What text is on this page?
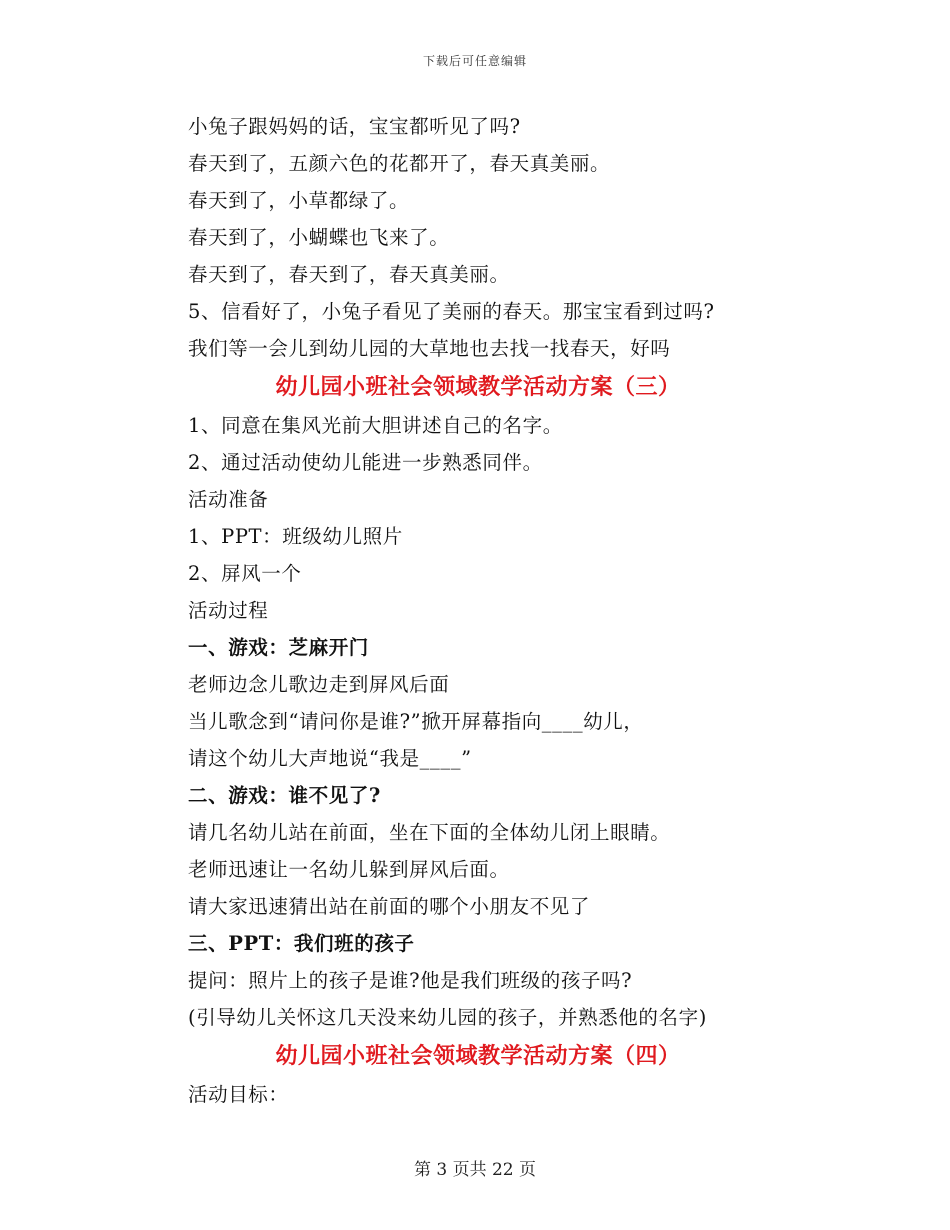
下载后可任意编辑
小兔子跟妈妈的话，宝宝都听见了吗?
春天到了，五颜六色的花都开了，春天真美丽。
春天到了，小草都绿了。
春天到了，小蝴蝶也飞来了。
春天到了，春天到了，春天真美丽。
5、信看好了，小兔子看见了美丽的春天。那宝宝看到过吗?
我们等一会儿到幼儿园的大草地也去找一找春天，好吗
幼儿园小班社会领域教学活动方案（三）
1、同意在集风光前大胆讲述自己的名字。
2、通过活动使幼儿能进一步熟悉同伴。
活动准备
1、PPT：班级幼儿照片
2、屏风一个
活动过程
一、游戏：芝麻开门
老师边念儿歌边走到屏风后面
当儿歌念到“请问你是谁?”掀开屏幕指向____幼儿，
请这个幼儿大声地说“我是____”
二、游戏：谁不见了?
请几名幼儿站在前面，坐在下面的全体幼儿闭上眼睛。
老师迅速让一名幼儿躲到屏风后面。
请大家迅速猜出站在前面的哪个小朋友不见了
三、PPT：我们班的孩子
提问：照片上的孩子是谁?他是我们班级的孩子吗?
(引导幼儿关怀这几天没来幼儿园的孩子，并熟悉他的名字)
幼儿园小班社会领域教学活动方案（四）
活动目标：
第 3 页共 22 页
